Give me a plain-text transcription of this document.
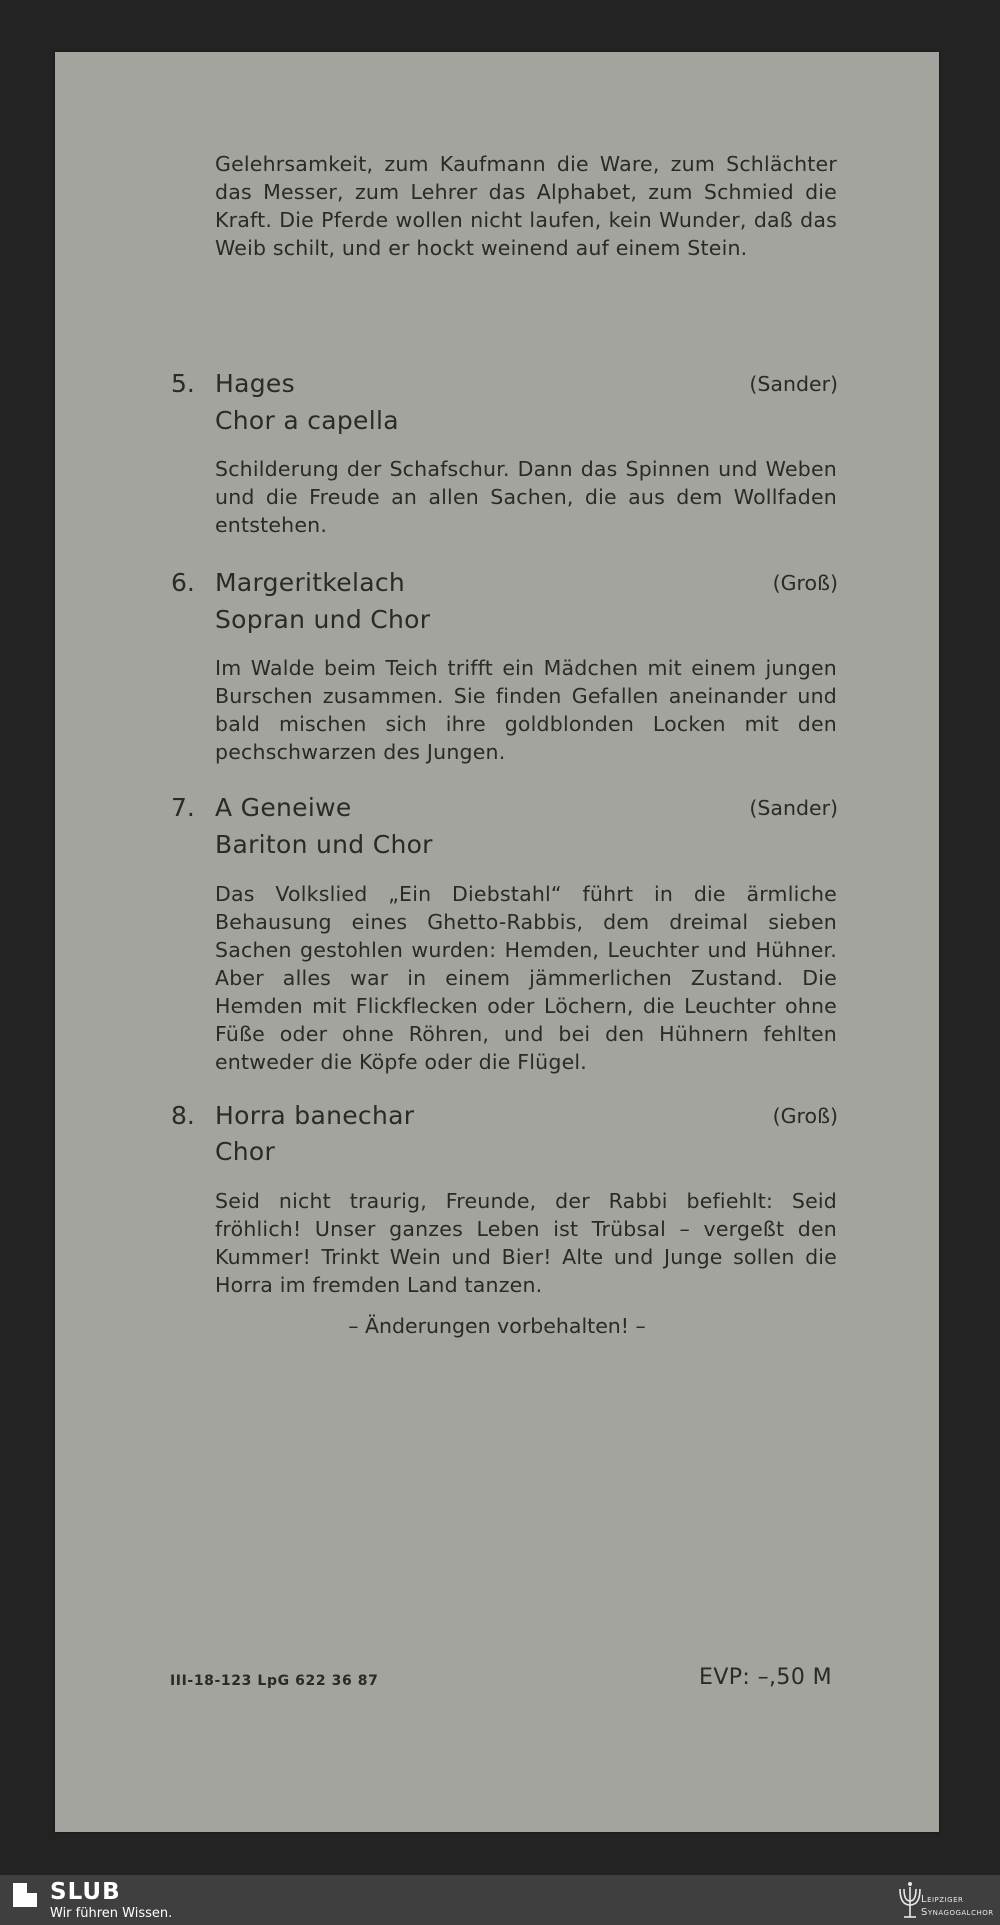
Gelehrsamkeit, zum Kaufmann die Ware, zum Schlächter das Messer, zum Lehrer das Alphabet, zum Schmied die Kraft. Die Pferde wollen nicht laufen, kein Wunder, daß das Weib schilt, und er hockt weinend auf einem Stein.

5. Hages	(Sander)
Chor a capella

Schilderung der Schafschur. Dann das Spinnen und Weben und die Freude an allen Sachen, die aus dem Wollfaden entstehen.

6. Margeritkelach	(Groß)
Sopran und Chor

Im Walde beim Teich trifft ein Mädchen mit einem jungen Burschen zusammen. Sie finden Gefallen aneinander und bald mischen sich ihre goldblonden Locken mit den pechschwarzen des Jungen.

7. A Geneiwe	(Sander)
Bariton und Chor

Das Volkslied „Ein Diebstahl“ führt in die ärmliche Behausung eines Ghetto-Rabbis, dem dreimal sieben Sachen gestohlen wurden: Hemden, Leuchter und Hühner. Aber alles war in einem jämmerlichen Zustand. Die Hemden mit Flickflecken oder Löchern, die Leuchter ohne Füße oder ohne Röhren, und bei den Hühnern fehlten entweder die Köpfe oder die Flügel.

8. Horra banechar	(Groß)
Chor

Seid nicht traurig, Freunde, der Rabbi befiehlt: Seid fröhlich! Unser ganzes Leben ist Trübsal – vergeßt den Kummer! Trinkt Wein und Bier! Alte und Junge sollen die Horra im fremden Land tanzen.

– Änderungen vorbehalten! –
III-18-123 LpG 622 36 87	EVP: –,50 M
SLUB
Wir führen Wissen.
Leipziger
Synagogalchor
